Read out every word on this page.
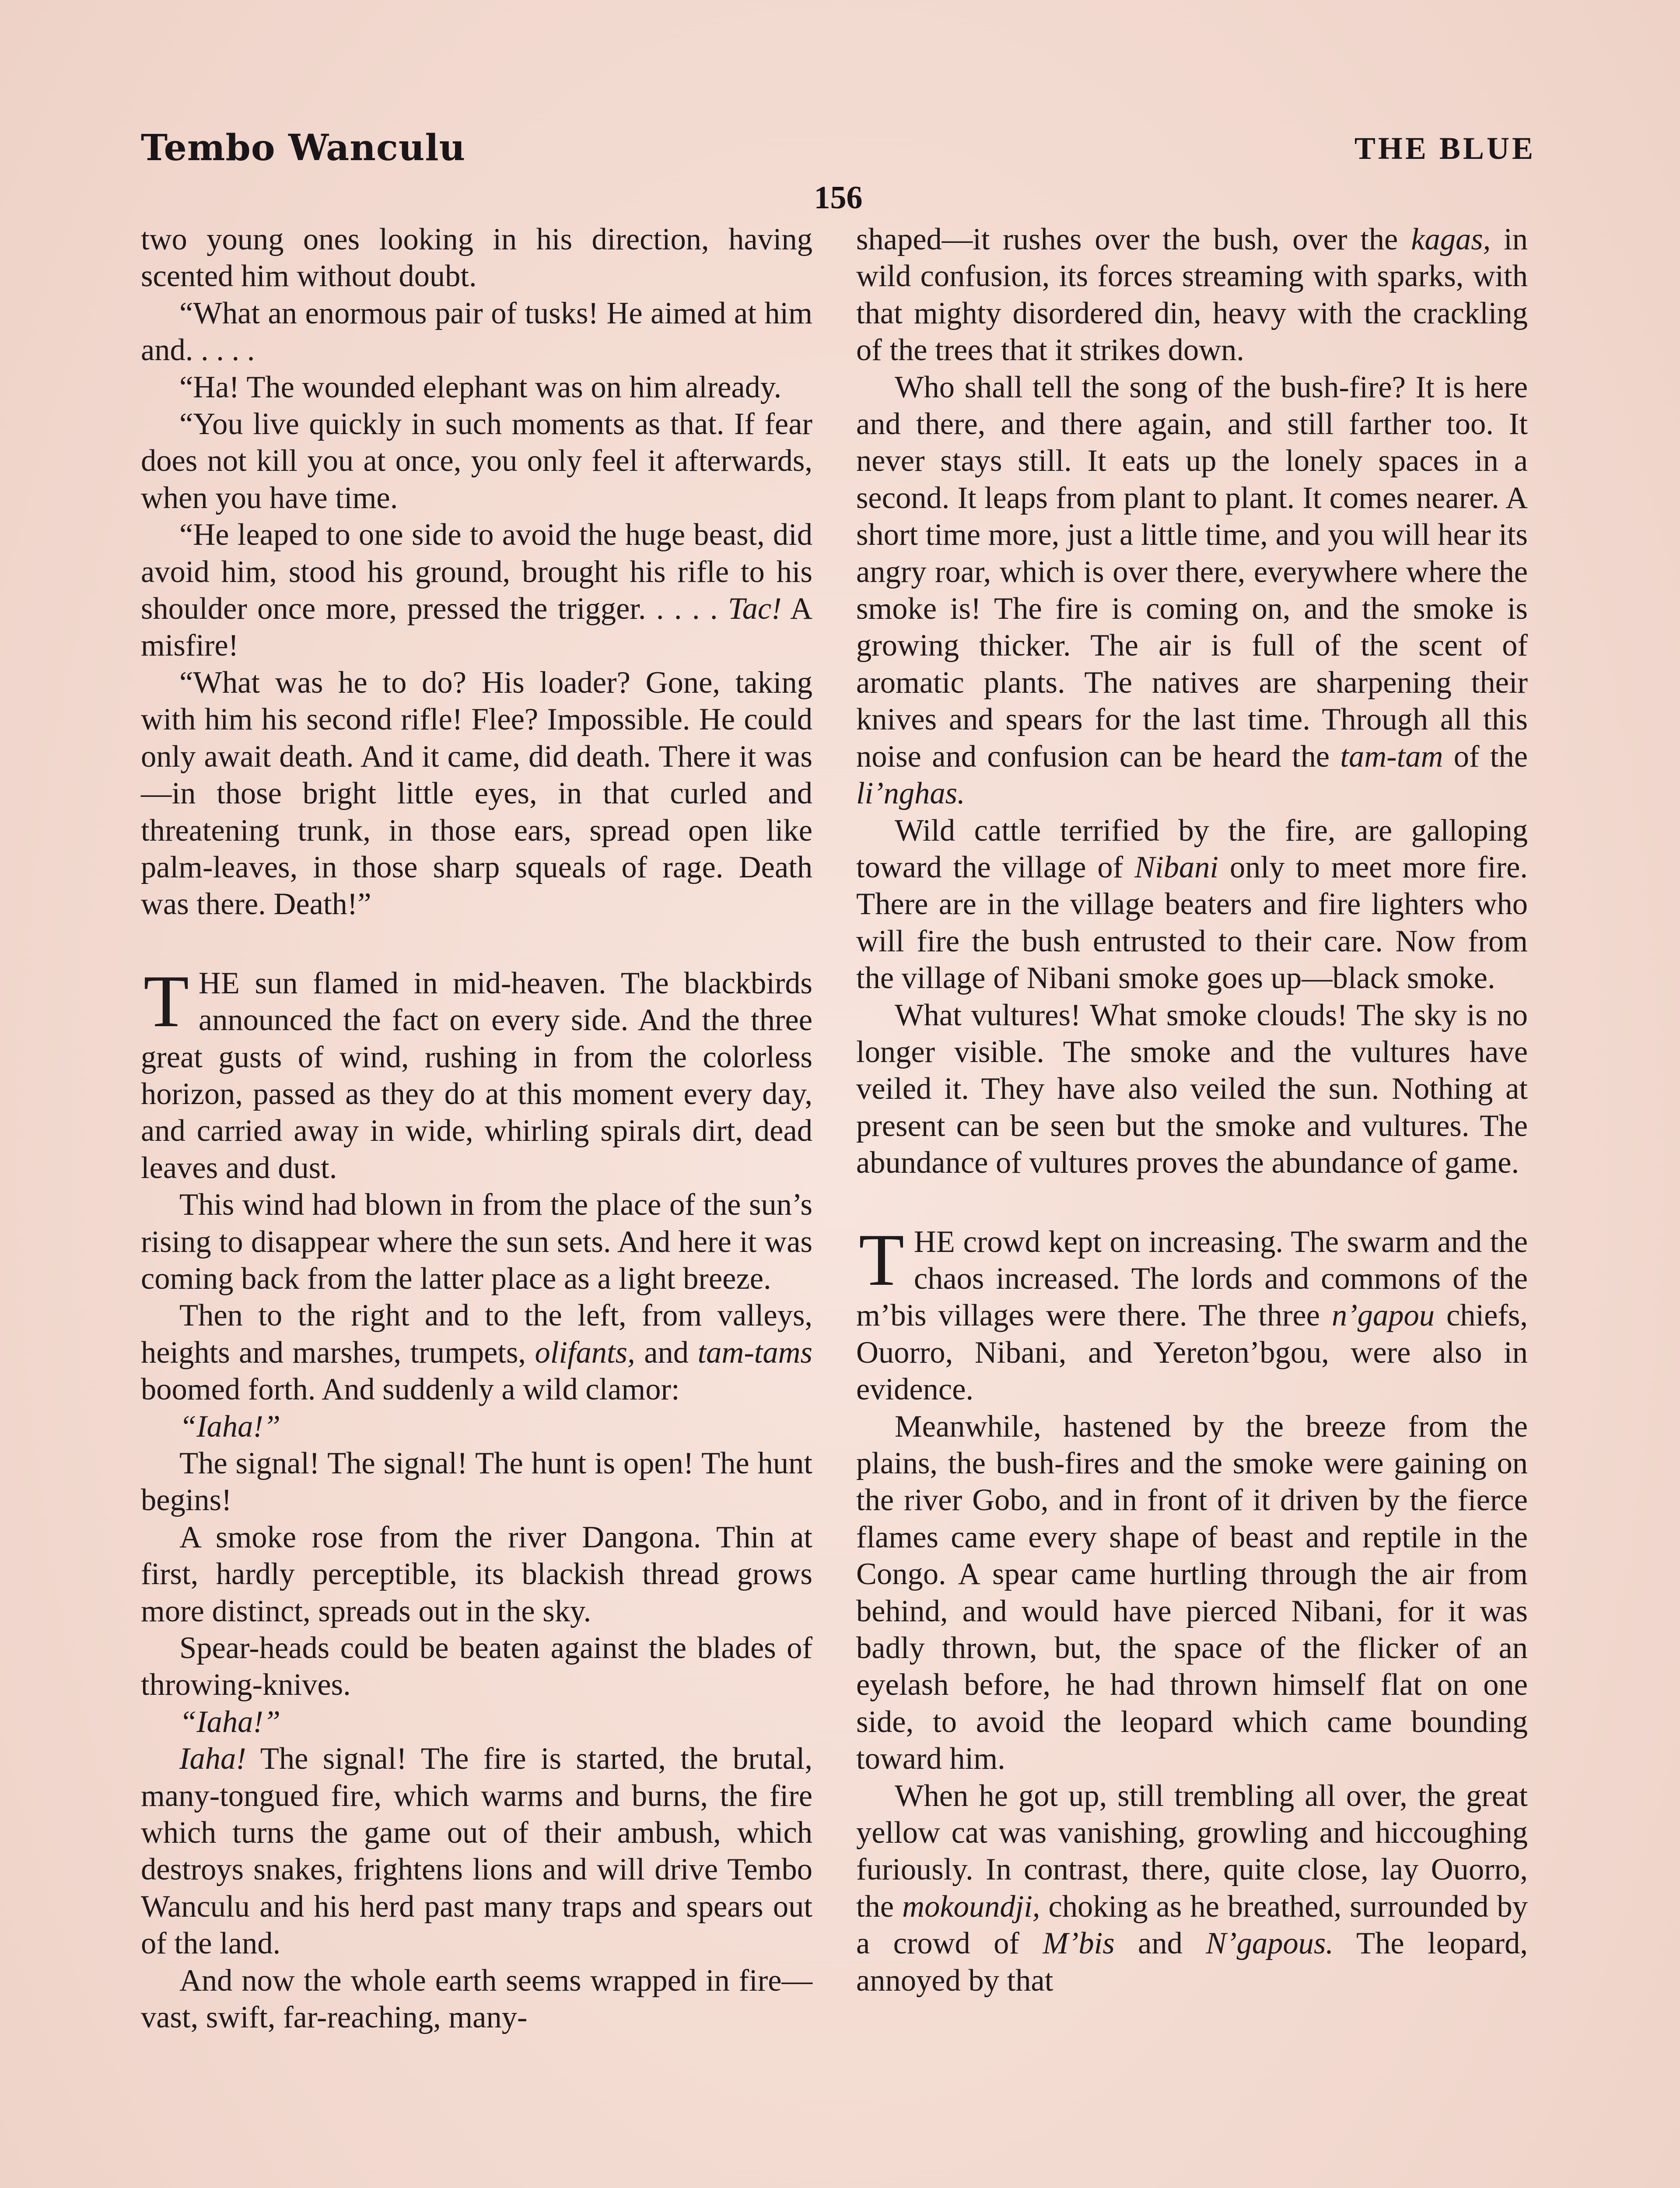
Tembo Wanculu	THE BLUE
156

two young ones looking in his direction, having scented him without doubt.

“What an enormous pair of tusks! He aimed at him and. . . . .

“Ha! The wounded elephant was on him already.

“You live quickly in such moments as that. If fear does not kill you at once, you only feel it afterwards, when you have time.

“He leaped to one side to avoid the huge beast, did avoid him, stood his ground, brought his rifle to his shoulder once more, pressed the trigger. . . . . Tac! A misfire!

“What was he to do? His loader? Gone, taking with him his second rifle! Flee? Impossible. He could only await death. And it came, did death. There it was—in those bright little eyes, in that curled and threatening trunk, in those ears, spread open like palm-leaves, in those sharp squeals of rage. Death was there. Death!”

THE sun flamed in mid-heaven. The blackbirds announced the fact on every side. And the three great gusts of wind, rushing in from the colorless horizon, passed as they do at this moment every day, and carried away in wide, whirling spirals dirt, dead leaves and dust.

This wind had blown in from the place of the sun’s rising to disappear where the sun sets. And here it was coming back from the latter place as a light breeze.

Then to the right and to the left, from valleys, heights and marshes, trumpets, olifants, and tam-tams boomed forth. And suddenly a wild clamor:

“Iaha!”

The signal! The signal! The hunt is open! The hunt begins!

A smoke rose from the river Dangona. Thin at first, hardly perceptible, its blackish thread grows more distinct, spreads out in the sky.

Spear-heads could be beaten against the blades of throwing-knives.

“Iaha!”

Iaha! The signal! The fire is started, the brutal, many-tongued fire, which warms and burns, the fire which turns the game out of their ambush, which destroys snakes, frightens lions and will drive Tembo Wanculu and his herd past many traps and spears out of the land.

And now the whole earth seems wrapped in fire—vast, swift, far-reaching, many-

shaped—it rushes over the bush, over the kagas, in wild confusion, its forces streaming with sparks, with that mighty disordered din, heavy with the crackling of the trees that it strikes down.

Who shall tell the song of the bush-fire? It is here and there, and there again, and still farther too. It never stays still. It eats up the lonely spaces in a second. It leaps from plant to plant. It comes nearer. A short time more, just a little time, and you will hear its angry roar, which is over there, everywhere where the smoke is! The fire is coming on, and the smoke is growing thicker. The air is full of the scent of aromatic plants. The natives are sharpening their knives and spears for the last time. Through all this noise and confusion can be heard the tam-tam of the li’nghas.

Wild cattle terrified by the fire, are galloping toward the village of Nibani only to meet more fire. There are in the village beaters and fire lighters who will fire the bush entrusted to their care. Now from the village of Nibani smoke goes up—black smoke.

What vultures! What smoke clouds! The sky is no longer visible. The smoke and the vultures have veiled it. They have also veiled the sun. Nothing at present can be seen but the smoke and vultures. The abundance of vultures proves the abundance of game.

THE crowd kept on increasing. The swarm and the chaos increased. The lords and commons of the m’bis villages were there. The three n’gapou chiefs, Ouorro, Nibani, and Yereton’bgou, were also in evidence.

Meanwhile, hastened by the breeze from the plains, the bush-fires and the smoke were gaining on the river Gobo, and in front of it driven by the fierce flames came every shape of beast and reptile in the Congo. A spear came hurtling through the air from behind, and would have pierced Nibani, for it was badly thrown, but, the space of the flicker of an eyelash before, he had thrown himself flat on one side, to avoid the leopard which came bounding toward him.

When he got up, still trembling all over, the great yellow cat was vanishing, growling and hiccoughing furiously. In contrast, there, quite close, lay Ouorro, the mokoundji, choking as he breathed, surrounded by a crowd of M’bis and N’gapous. The leopard, annoyed by that
